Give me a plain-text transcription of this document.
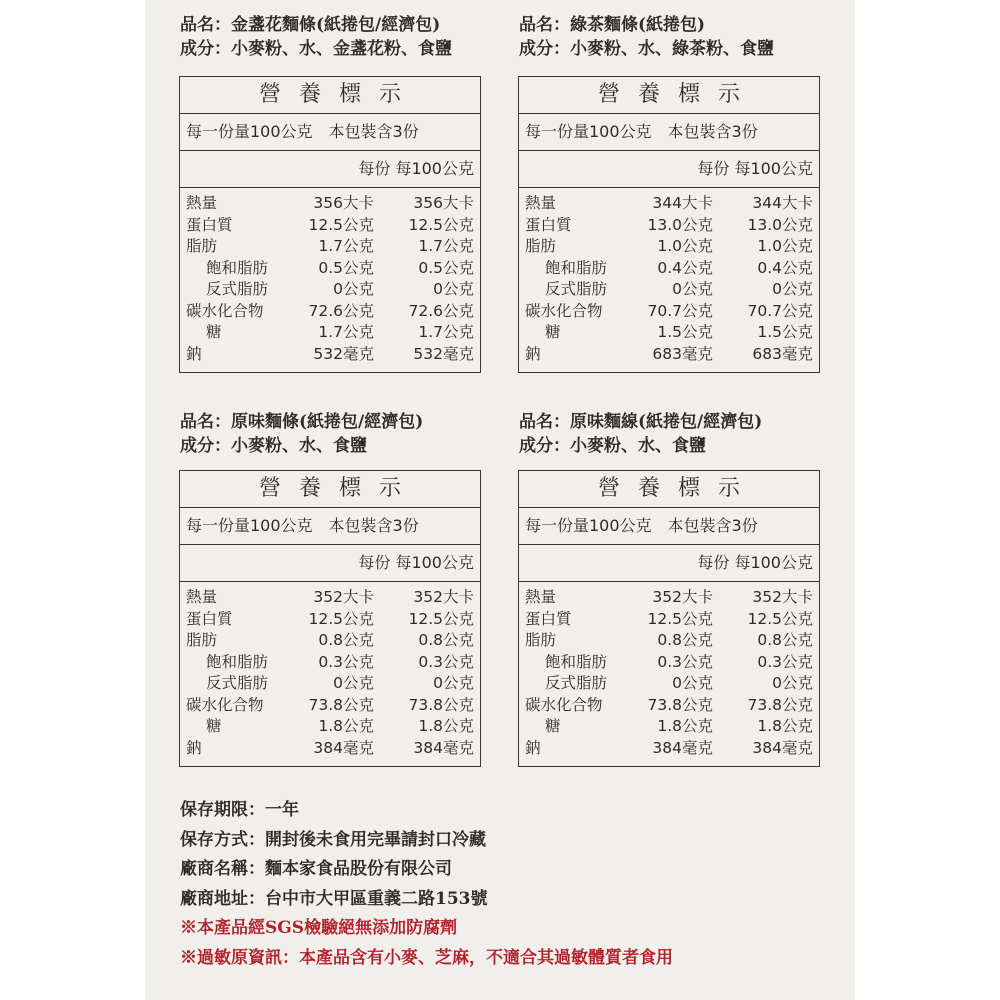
品名：金盞花麵條(紙捲包/經濟包)
成分：小麥粉、水、金盞花粉、食鹽
營養標示
每一份量100公克　本包裝含3份
每份 每100公克
熱量	356大卡	356大卡
蛋白質	12.5公克 12.5公克
脂肪	1.7公克	1.7公克
飽和脂肪	0.5公克	0.5公克
反式脂肪	0公克	0公克
碳水化合物	72.6公克 72.6公克
糖	1.7公克	1.7公克
鈉	532毫克	532毫克
品名：綠茶麵條(紙捲包)
成分：小麥粉、水、綠茶粉、食鹽
營養標示
每一份量100公克　本包裝含3份
每份 每100公克
熱量	344大卡	344大卡
蛋白質	13.0公克 13.0公克
脂肪	1.0公克	1.0公克
飽和脂肪	0.4公克	0.4公克
反式脂肪	0公克	0公克
碳水化合物	70.7公克 70.7公克
糖	1.5公克	1.5公克
鈉	683毫克	683毫克
品名：原味麵條(紙捲包/經濟包)
成分：小麥粉、水、食鹽
營養標示
每一份量100公克　本包裝含3份
每份 每100公克
熱量	352大卡	352大卡
蛋白質	12.5公克 12.5公克
脂肪	0.8公克	0.8公克
飽和脂肪	0.3公克	0.3公克
反式脂肪	0公克	0公克
碳水化合物	73.8公克 73.8公克
糖	1.8公克	1.8公克
鈉	384毫克	384毫克
品名：原味麵線(紙捲包/經濟包)
成分：小麥粉、水、食鹽
營養標示
每一份量100公克　本包裝含3份
每份 每100公克
熱量	352大卡	352大卡
蛋白質	12.5公克 12.5公克
脂肪	0.8公克	0.8公克
飽和脂肪	0.3公克	0.3公克
反式脂肪	0公克	0公克
碳水化合物	73.8公克 73.8公克
糖	1.8公克	1.8公克
鈉	384毫克	384毫克
保存期限：一年
保存方式：開封後未食用完畢請封口冷藏
廠商名稱：麵本家食品股份有限公司
廠商地址：台中市大甲區重義二路153號
※本產品經SGS檢驗絕無添加防腐劑
※過敏原資訊：本產品含有小麥、芝麻，不適合其過敏體質者食用
